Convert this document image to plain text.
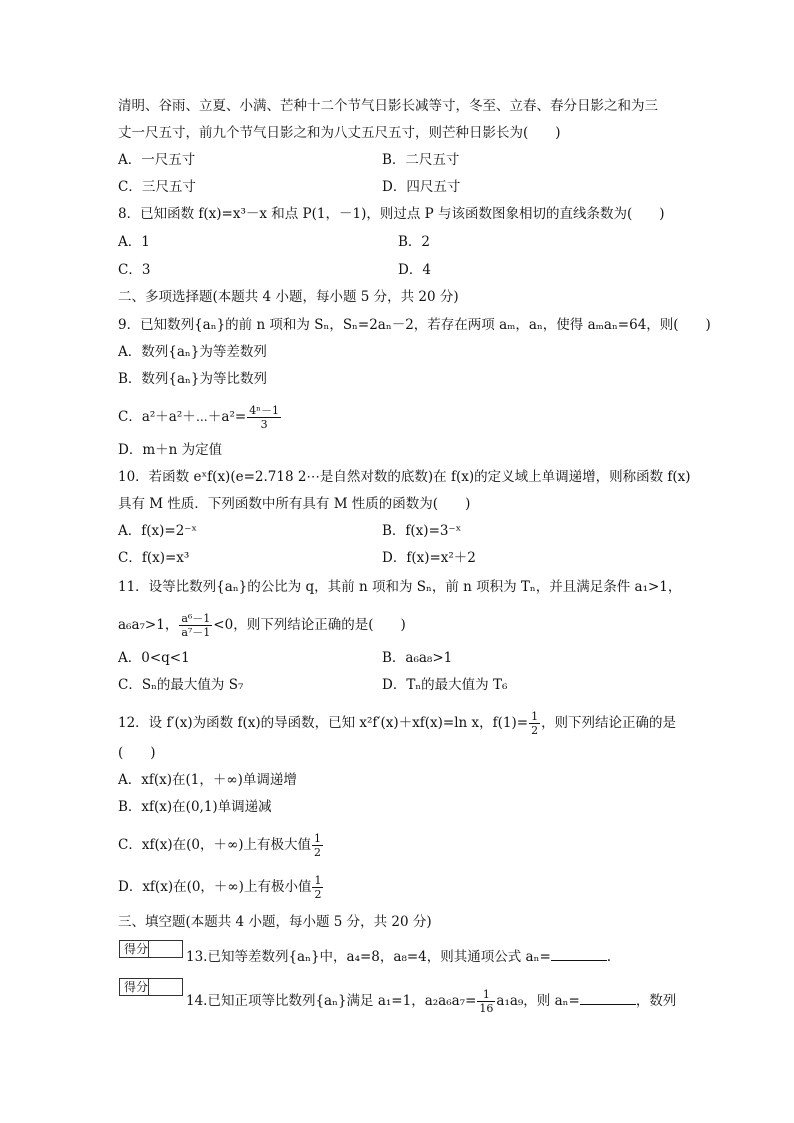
清明、谷雨、立夏、小满、芒种十二个节气日影长减等寸，冬至、立春、春分日影之和为三
丈一尺五寸，前九个节气日影之和为八丈五尺五寸，则芒种日影长为(　　)
A．一尺五寸	B．二尺五寸
C．三尺五寸	D．四尺五寸
8．已知函数 f(x)=x³－x 和点 P(1，－1)，则过点 P 与该函数图象相切的直线条数为(　　)
A．1	B．2
C．3	D．4
二、多项选择题(本题共 4 小题，每小题 5 分，共 20 分)
9．已知数列{aₙ}的前 n 项和为 Sₙ，Sₙ=2aₙ－2，若存在两项 aₘ，aₙ，使得 aₘaₙ=64，则(　　)
A．数列{aₙ}为等差数列
B．数列{aₙ}为等比数列
C．a²＋a²＋⋯＋a²= $\frac{\text{4ⁿ－1}}{3}$
D．m＋n 为定值
10．若函数 eˣf(x)(e=2.718 2⋯是自然对数的底数)在 f(x)的定义域上单调递增，则称函数 f(x)
具有 M 性质．下列函数中所有具有 M 性质的函数为(　　)
A．f(x)=2⁻ˣ	B．f(x)=3⁻ˣ
C．f(x)=x³	D．f(x)=x²＋2
11．设等比数列{aₙ}的公比为 q，其前 n 项和为 Sₙ，前 n 项积为 Tₙ，并且满足条件 a₁>1，
a₆a₇>1， $\frac{\text{a⁶－1}}{\text{a⁷－1}} <0$，则下列结论正确的是(　　)
A．0<q<1	B．a₆a₈>1
C．Sₙ的最大值为 S₇	D．Tₙ的最大值为 T₆
12．设 f′(x)为函数 f(x)的导函数，已知 x²f′(x)＋xf(x)=ln x，$f(1)= \frac{1}{2}$ ，则下列结论正确的是
(　　)
A．xf(x)在(1，＋∞)单调递增
B．xf(x)在(0,1)单调递减
C．xf(x)在(0，＋∞)上有极大值 $\frac{1}{2}$
D．xf(x)在(0，＋∞)上有极小值 $\frac{1}{2}$
三、填空题(本题共 4 小题，每小题 5 分，共 20 分)
得分	13.已知等差数列{aₙ}中，a₄=8，a₈=4，则其通项公式 aₙ=	.
得分
14.已知正项等比数列{aₙ}满足 a₁=1，$a_2a_6a_7= \frac{1}{16} a_1a_9$，则 aₙ=	，数列
